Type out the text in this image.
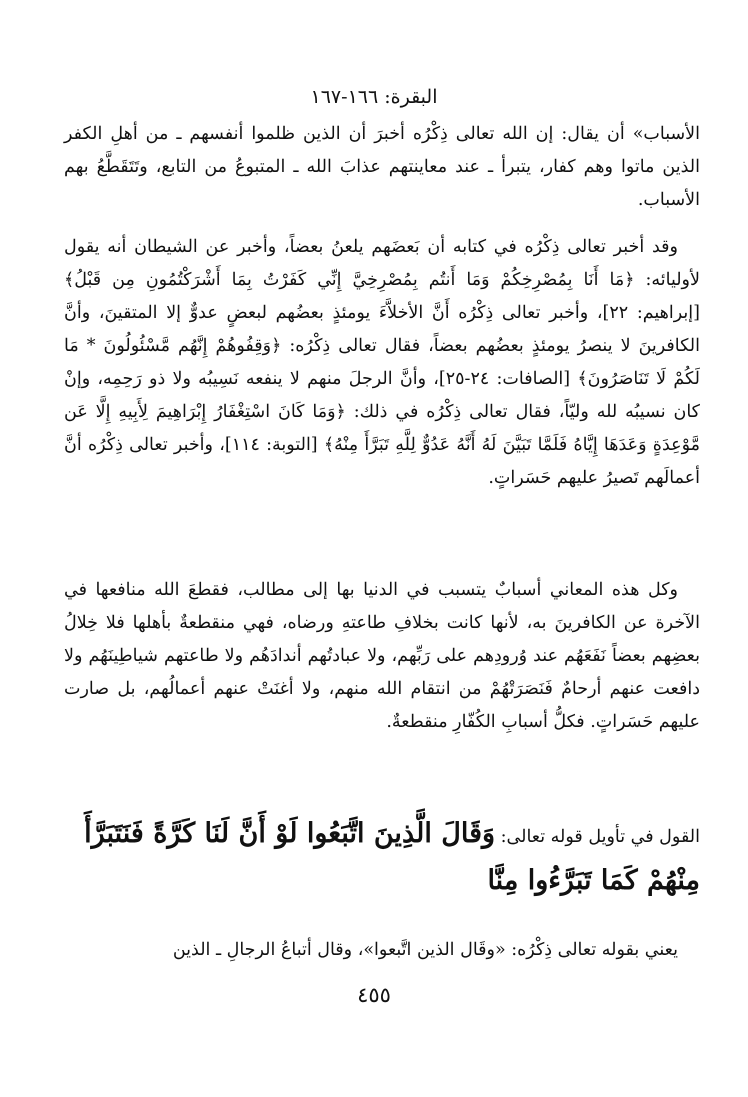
البقرة: ١٦٦-١٦٧

الأسباب» أن يقال: إن الله تعالى ذِكْرُه أخبرَ أن الذين ظلموا أنفسهم ـ من أهلِ الكفر الذين ماتوا وهم كفار، يتبرأ ـ عند معاينتهم عذابَ الله ـ المتبوعُ من التابع، وتَتَقَطَّعُ بهم الأسباب.

وقد أخبر تعالى ذِكْرُه في كتابه أن بَعضَهم يلعنُ بعضاً، وأخبر عن الشيطان أنه يقول لأوليائه: ﴿مَا أَنَا بِمُصْرِخِكُمْ وَمَا أَنتُم بِمُصْرِخِيَّ إِنِّي كَفَرْتُ بِمَا أَشْرَكْتُمُونِ مِن قَبْلُ﴾ [إبراهيم: ٢٢]، وأخبر تعالى ذِكْرُه أَنَّ الأخلاَّءَ يومئذٍ بعضُهم لبعضٍ عدوٌّ إلا المتقينَ، وأنَّ الكافرينَ لا ينصرُ يومئذٍ بعضُهم بعضاً، فقال تعالى ذِكْرُه: ﴿وَقِفُوهُمْ إِنَّهُم مَّسْئُولُونَ * مَا لَكُمْ لَا تَنَاصَرُونَ﴾ [الصافات: ٢٤-٢٥]، وأنَّ الرجلَ منهم لا ينفعه نَسِيبُه ولا ذو رَحِمِه، وإنْ كان نسيبُه لله وليّاً، فقال تعالى ذِكْرُه في ذلك: ﴿وَمَا كَانَ اسْتِغْفَارُ إِبْرَاهِيمَ لِأَبِيهِ إِلَّا عَن مَّوْعِدَةٍ وَعَدَهَا إِيَّاهُ فَلَمَّا تَبَيَّنَ لَهُ أَنَّهُ عَدُوٌّ لِلَّهِ تَبَرَّأَ مِنْهُ﴾ [التوبة: ١١٤]، وأخبر تعالى ذِكْرُه أنَّ أعمالَهم تَصيرُ عليهم حَسَراتٍ.

وكل هذه المعاني أسبابٌ يتسبب في الدنيا بها إلى مطالب، فقطعَ الله منافعها في الآخرة عن الكافرينَ به، لأنها كانت بخلافِ طاعتهِ ورضاه، فهي منقطعةٌ بأهلها فلا خِلالُ بعضِهم بعضاً نَفَعَهُم عند وُرودِهم على رَبِّهم، ولا عبادتُهم أندادَهُم ولا طاعتهم شياطِينَهُم ولا دافعت عنهم أرحامٌ فَنَصَرَتْهُمْ من انتقام الله منهم، ولا أغنَتْ عنهم أعمالُهم، بل صارت عليهم حَسَراتٍ. فكلُّ أسبابِ الكُفّارِ منقطعةٌ.

القول في تأويل قوله تعالى: وَقَالَ الَّذِينَ اتَّبَعُوا لَوْ أَنَّ لَنَا كَرَّةً فَنَتَبَرَّأَ مِنْهُمْ كَمَا تَبَرَّءُوا مِنَّا

يعني بقوله تعالى ذِكْرُه: «وقَال الذين اتَّبعوا»، وقال أتباعُ الرجالِ ـ الذين

٤٥٥
